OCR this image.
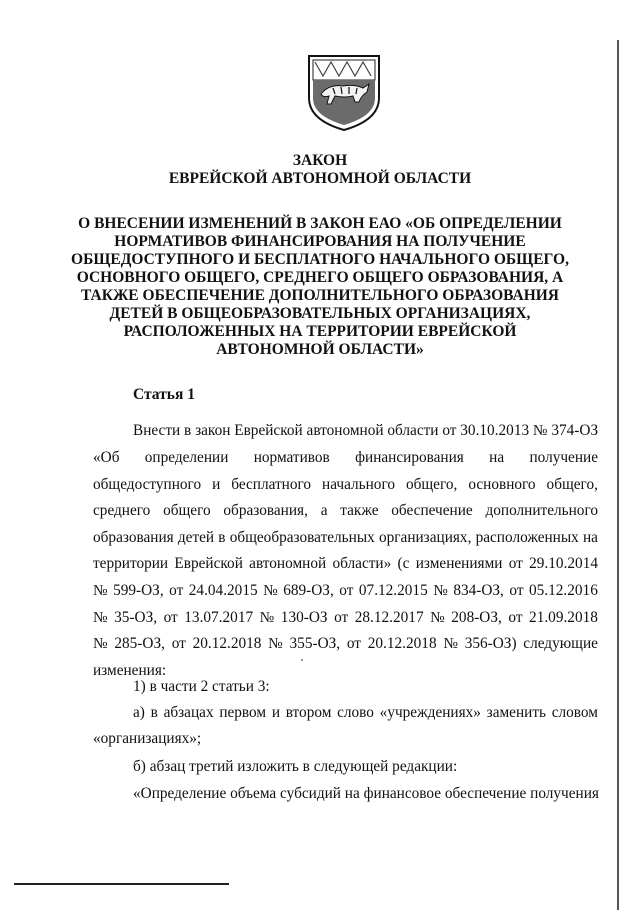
ЗАКОН
ЕВРЕЙСКОЙ АВТОНОМНОЙ ОБЛАСТИ
О ВНЕСЕНИИ ИЗМЕНЕНИЙ В ЗАКОН ЕАО «ОБ ОПРЕДЕЛЕНИИ
НОРМАТИВОВ ФИНАНСИРОВАНИЯ НА ПОЛУЧЕНИЕ
ОБЩЕДОСТУПНОГО И БЕСПЛАТНОГО НАЧАЛЬНОГО ОБЩЕГО,
ОСНОВНОГО ОБЩЕГО, СРЕДНЕГО ОБЩЕГО ОБРАЗОВАНИЯ, А
ТАКЖЕ ОБЕСПЕЧЕНИЕ ДОПОЛНИТЕЛЬНОГО ОБРАЗОВАНИЯ
ДЕТЕЙ В ОБЩЕОБРАЗОВАТЕЛЬНЫХ ОРГАНИЗАЦИЯХ,
РАСПОЛОЖЕННЫХ НА ТЕРРИТОРИИ ЕВРЕЙСКОЙ
АВТОНОМНОЙ ОБЛАСТИ»
Статья 1
Внести в закон Еврейской автономной области от 30.10.2013 № 374-ОЗ
«Об определении нормативов финансирования на получение
общедоступного и бесплатного начального общего, основного общего,
среднего общего образования, а также обеспечение дополнительного
образования детей в общеобразовательных организациях, расположенных на
территории Еврейской автономной области» (с изменениями от 29.10.2014
№ 599-ОЗ, от 24.04.2015 № 689-ОЗ, от 07.12.2015 № 834-ОЗ, от 05.12.2016
№ 35-ОЗ, от 13.07.2017 № 130-ОЗ от 28.12.2017 № 208-ОЗ, от 21.09.2018
№ 285-ОЗ, от 20.12.2018 № 355-ОЗ, от 20.12.2018 № 356-ОЗ) следующие
изменения:
1) в части 2 статьи 3:
а) в абзацах первом и втором слово «учреждениях» заменить словом
«организациях»;
б) абзац третий изложить в следующей редакции:
«Определение объема субсидий на финансовое обеспечение получения
